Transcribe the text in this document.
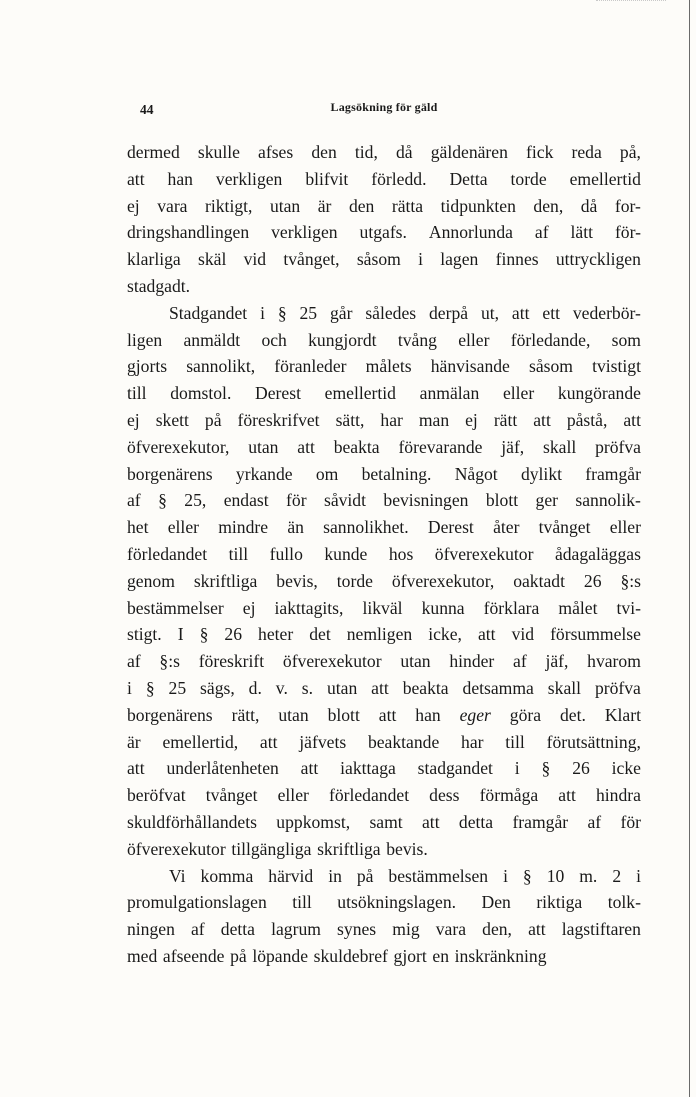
44	Lagsökning för gäld
dermed skulle afses den tid, då gäldenären fick reda på,
att han verkligen blifvit förledd. Detta torde emellertid
ej vara riktigt, utan är den rätta tidpunkten den, då for-
dringshandlingen verkligen utgafs. Annorlunda af lätt för-
klarliga skäl vid tvånget, såsom i lagen finnes uttryckligen
stadgadt.
Stadgandet i § 25 går således derpå ut, att ett vederbör-
ligen anmäldt och kungjordt tvång eller förledande, som
gjorts sannolikt, föranleder målets hänvisande såsom tvistigt
till domstol. Derest emellertid anmälan eller kungörande
ej skett på föreskrifvet sätt, har man ej rätt att påstå, att
öfverexekutor, utan att beakta förevarande jäf, skall pröfva
borgenärens yrkande om betalning. Något dylikt framgår
af § 25, endast för såvidt bevisningen blott ger sannolik-
het eller mindre än sannolikhet. Derest åter tvånget eller
förledandet till fullo kunde hos öfverexekutor ådagaläggas
genom skriftliga bevis, torde öfverexekutor, oaktadt 26 §:s
bestämmelser ej iakttagits, likväl kunna förklara målet tvi-
stigt. I § 26 heter det nemligen icke, att vid försummelse
af §:s föreskrift öfverexekutor utan hinder af jäf, hvarom
i § 25 sägs, d. v. s. utan att beakta detsamma skall pröfva
borgenärens rätt, utan blott att han eger göra det. Klart
är emellertid, att jäfvets beaktande har till förutsättning,
att underlåtenheten att iakttaga stadgandet i § 26 icke
beröfvat tvånget eller förledandet dess förmåga att hindra
skuldförhållandets uppkomst, samt att detta framgår af för
öfverexekutor tillgängliga skriftliga bevis.
Vi komma härvid in på bestämmelsen i § 10 m. 2 i
promulgationslagen till utsökningslagen. Den riktiga tolk-
ningen af detta lagrum synes mig vara den, att lagstiftaren
med afseende på löpande skuldebref gjort en inskränkning
